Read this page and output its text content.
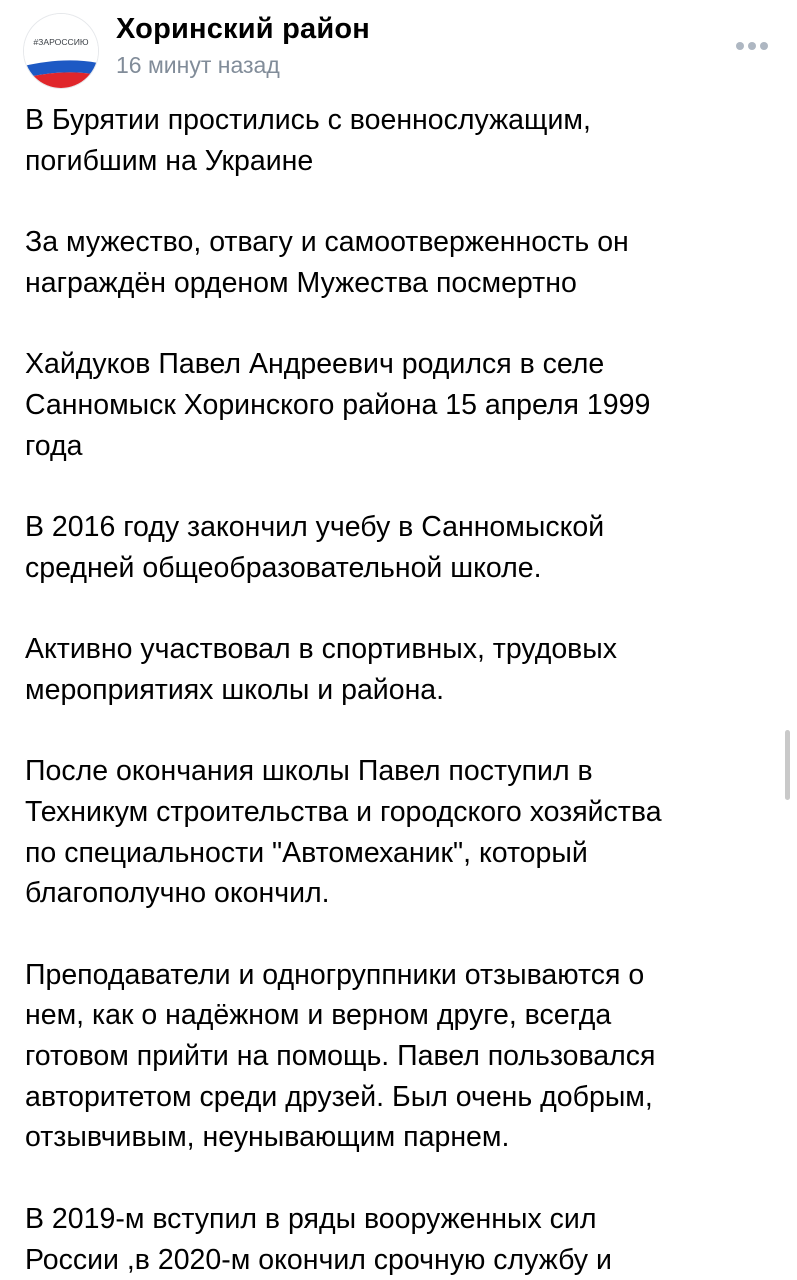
#ЗАРОССИЮ Хоринский район
16 минут назад

В Бурятии простились с военнослужащим,
погибшим на Украине

За мужество, отвагу и самоотверженность он
награждён орденом Мужества посмертно

Хайдуков Павел Андреевич родился в селе
Санномыск Хоринского района 15 апреля 1999
года

В 2016 году закончил учебу в Санномыской
средней общеобразовательной школе.

Активно участвовал в спортивных, трудовых
мероприятиях школы и района.

После окончания школы Павел поступил в
Техникум строительства и городского хозяйства
по специальности "Автомеханик", который
благополучно окончил.

Преподаватели и одногруппники отзываются о
нем, как о надёжном и верном друге, всегда
готовом прийти на помощь. Павел пользовался
авторитетом среди друзей. Был очень добрым,
отзывчивым, неунывающим парнем.

В 2019-м вступил в ряды вооруженных сил
России ,в 2020-м окончил срочную службу и
